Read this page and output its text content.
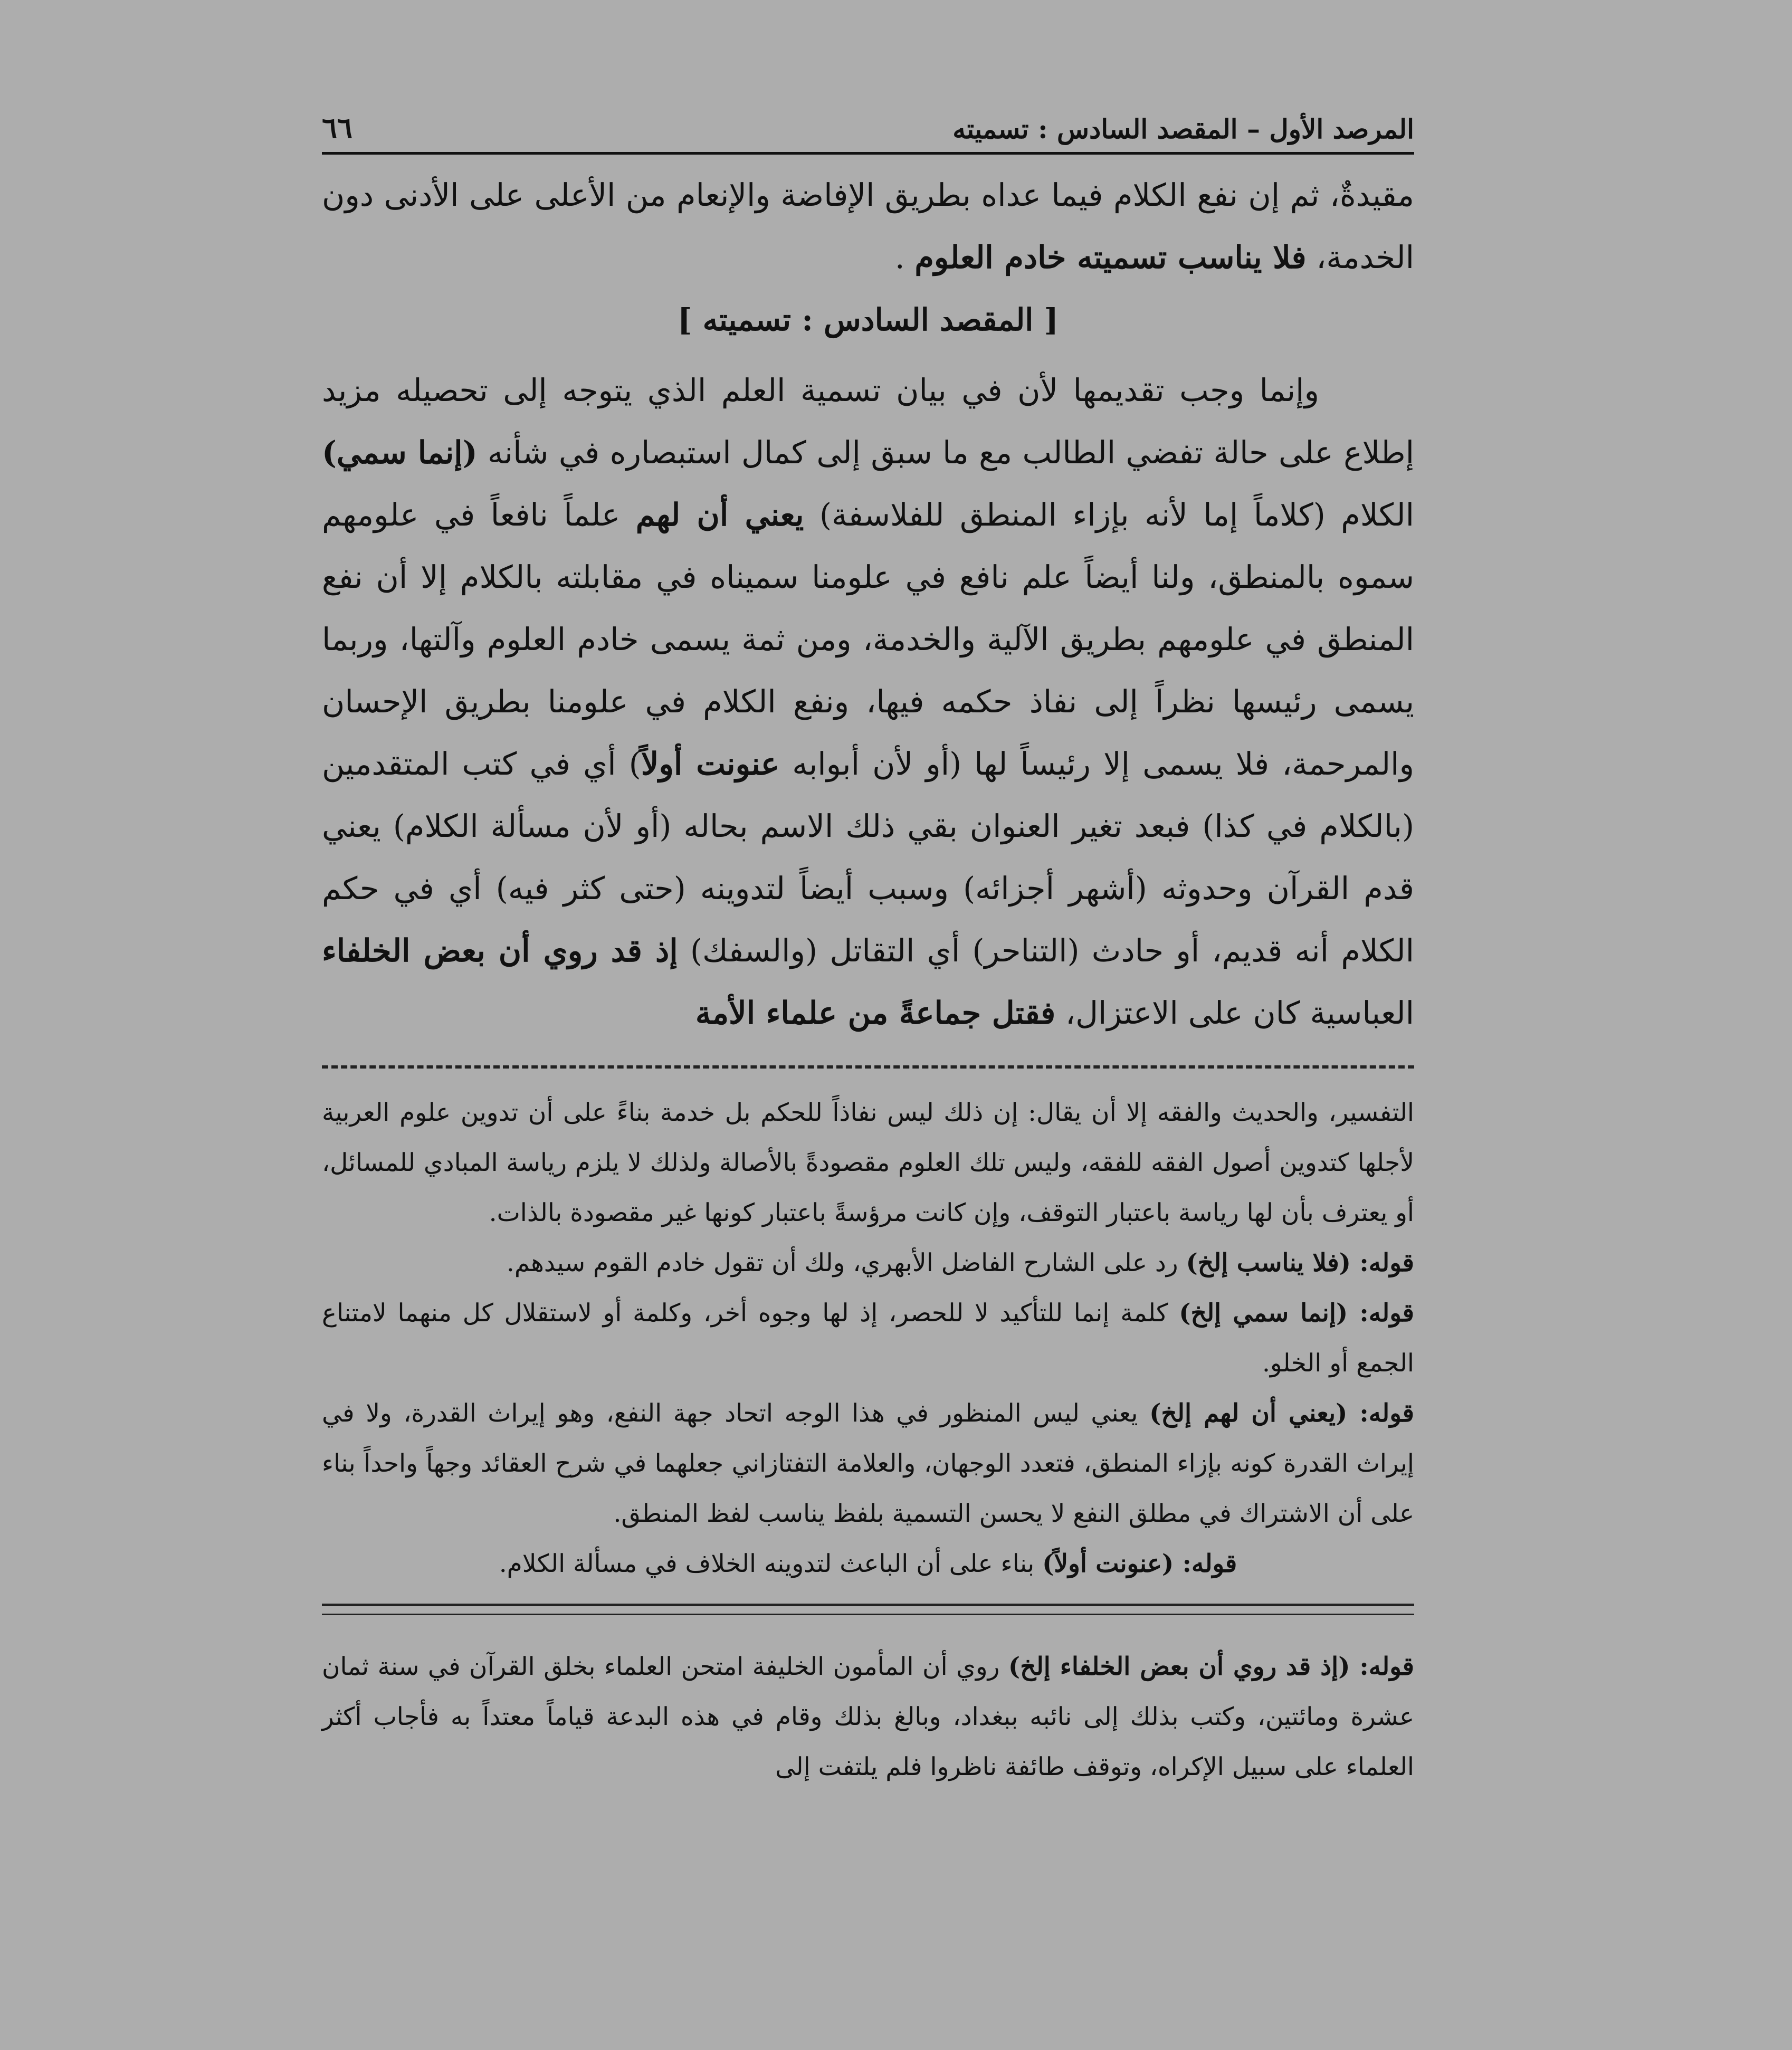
المرصد الأول – المقصد السادس : تسميته
٦٦

مقيدةٌ، ثم إن نفع الكلام فيما عداه بطريق الإفاضة والإنعام من الأعلى على الأدنى دون الخدمة، فلا يناسب تسميته خادم العلوم .

[ المقصد السادس : تسميته ]

وإنما وجب تقديمها لأن في بيان تسمية العلم الذي يتوجه إلى تحصيله مزيد إطلاع على حالة تفضي الطالب مع ما سبق إلى كمال استبصاره في شأنه (إنما سمي) الكلام (كلاماً إما لأنه بإزاء المنطق للفلاسفة) يعني أن لهم علماً نافعاً في علومهم سموه بالمنطق، ولنا أيضاً علم نافع في علومنا سميناه في مقابلته بالكلام إلا أن نفع المنطق في علومهم بطريق الآلية والخدمة، ومن ثمة يسمى خادم العلوم وآلتها، وربما يسمى رئيسها نظراً إلى نفاذ حكمه فيها، ونفع الكلام في علومنا بطريق الإحسان والمرحمة، فلا يسمى إلا رئيساً لها (أو لأن أبوابه عنونت أولاً) أي في كتب المتقدمين (بالكلام في كذا) فبعد تغير العنوان بقي ذلك الاسم بحاله (أو لأن مسألة الكلام) يعني قدم القرآن وحدوثه (أشهر أجزائه) وسبب أيضاً لتدوينه (حتى كثر فيه) أي في حكم الكلام أنه قديم، أو حادث (التناحر) أي التقاتل (والسفك) إذ قد روي أن بعض الخلفاء العباسية كان على الاعتزال، فقتل جماعةً من علماء الأمة

التفسير، والحديث والفقه إلا أن يقال: إن ذلك ليس نفاذاً للحكم بل خدمة بناءً على أن تدوين علوم العربية لأجلها كتدوين أصول الفقه للفقه، وليس تلك العلوم مقصودةً بالأصالة ولذلك لا يلزم رياسة المبادي للمسائل، أو يعترف بأن لها رياسة باعتبار التوقف، وإن كانت مرؤسةً باعتبار كونها غير مقصودة بالذات.

قوله: (فلا يناسب إلخ) رد على الشارح الفاضل الأبهري، ولك أن تقول خادم القوم سيدهم.

قوله: (إنما سمي إلخ) كلمة إنما للتأكيد لا للحصر، إذ لها وجوه أخر، وكلمة أو لاستقلال كل منهما لامتناع الجمع أو الخلو.

قوله: (يعني أن لهم إلخ) يعني ليس المنظور في هذا الوجه اتحاد جهة النفع، وهو إيراث القدرة، ولا في إيراث القدرة كونه بإزاء المنطق، فتعدد الوجهان، والعلامة التفتازاني جعلهما في شرح العقائد وجهاً واحداً بناء على أن الاشتراك في مطلق النفع لا يحسن التسمية بلفظ يناسب لفظ المنطق.

قوله: (عنونت أولاً) بناء على أن الباعث لتدوينه الخلاف في مسألة الكلام.

قوله: (إذ قد روي أن بعض الخلفاء إلخ) روي أن المأمون الخليفة امتحن العلماء بخلق القرآن في سنة ثمان عشرة ومائتين، وكتب بذلك إلى نائبه ببغداد، وبالغ بذلك وقام في هذه البدعة قياماً معتداً به فأجاب أكثر العلماء على سبيل الإكراه، وتوقف طائفة ناظروا فلم يلتفت إلى
